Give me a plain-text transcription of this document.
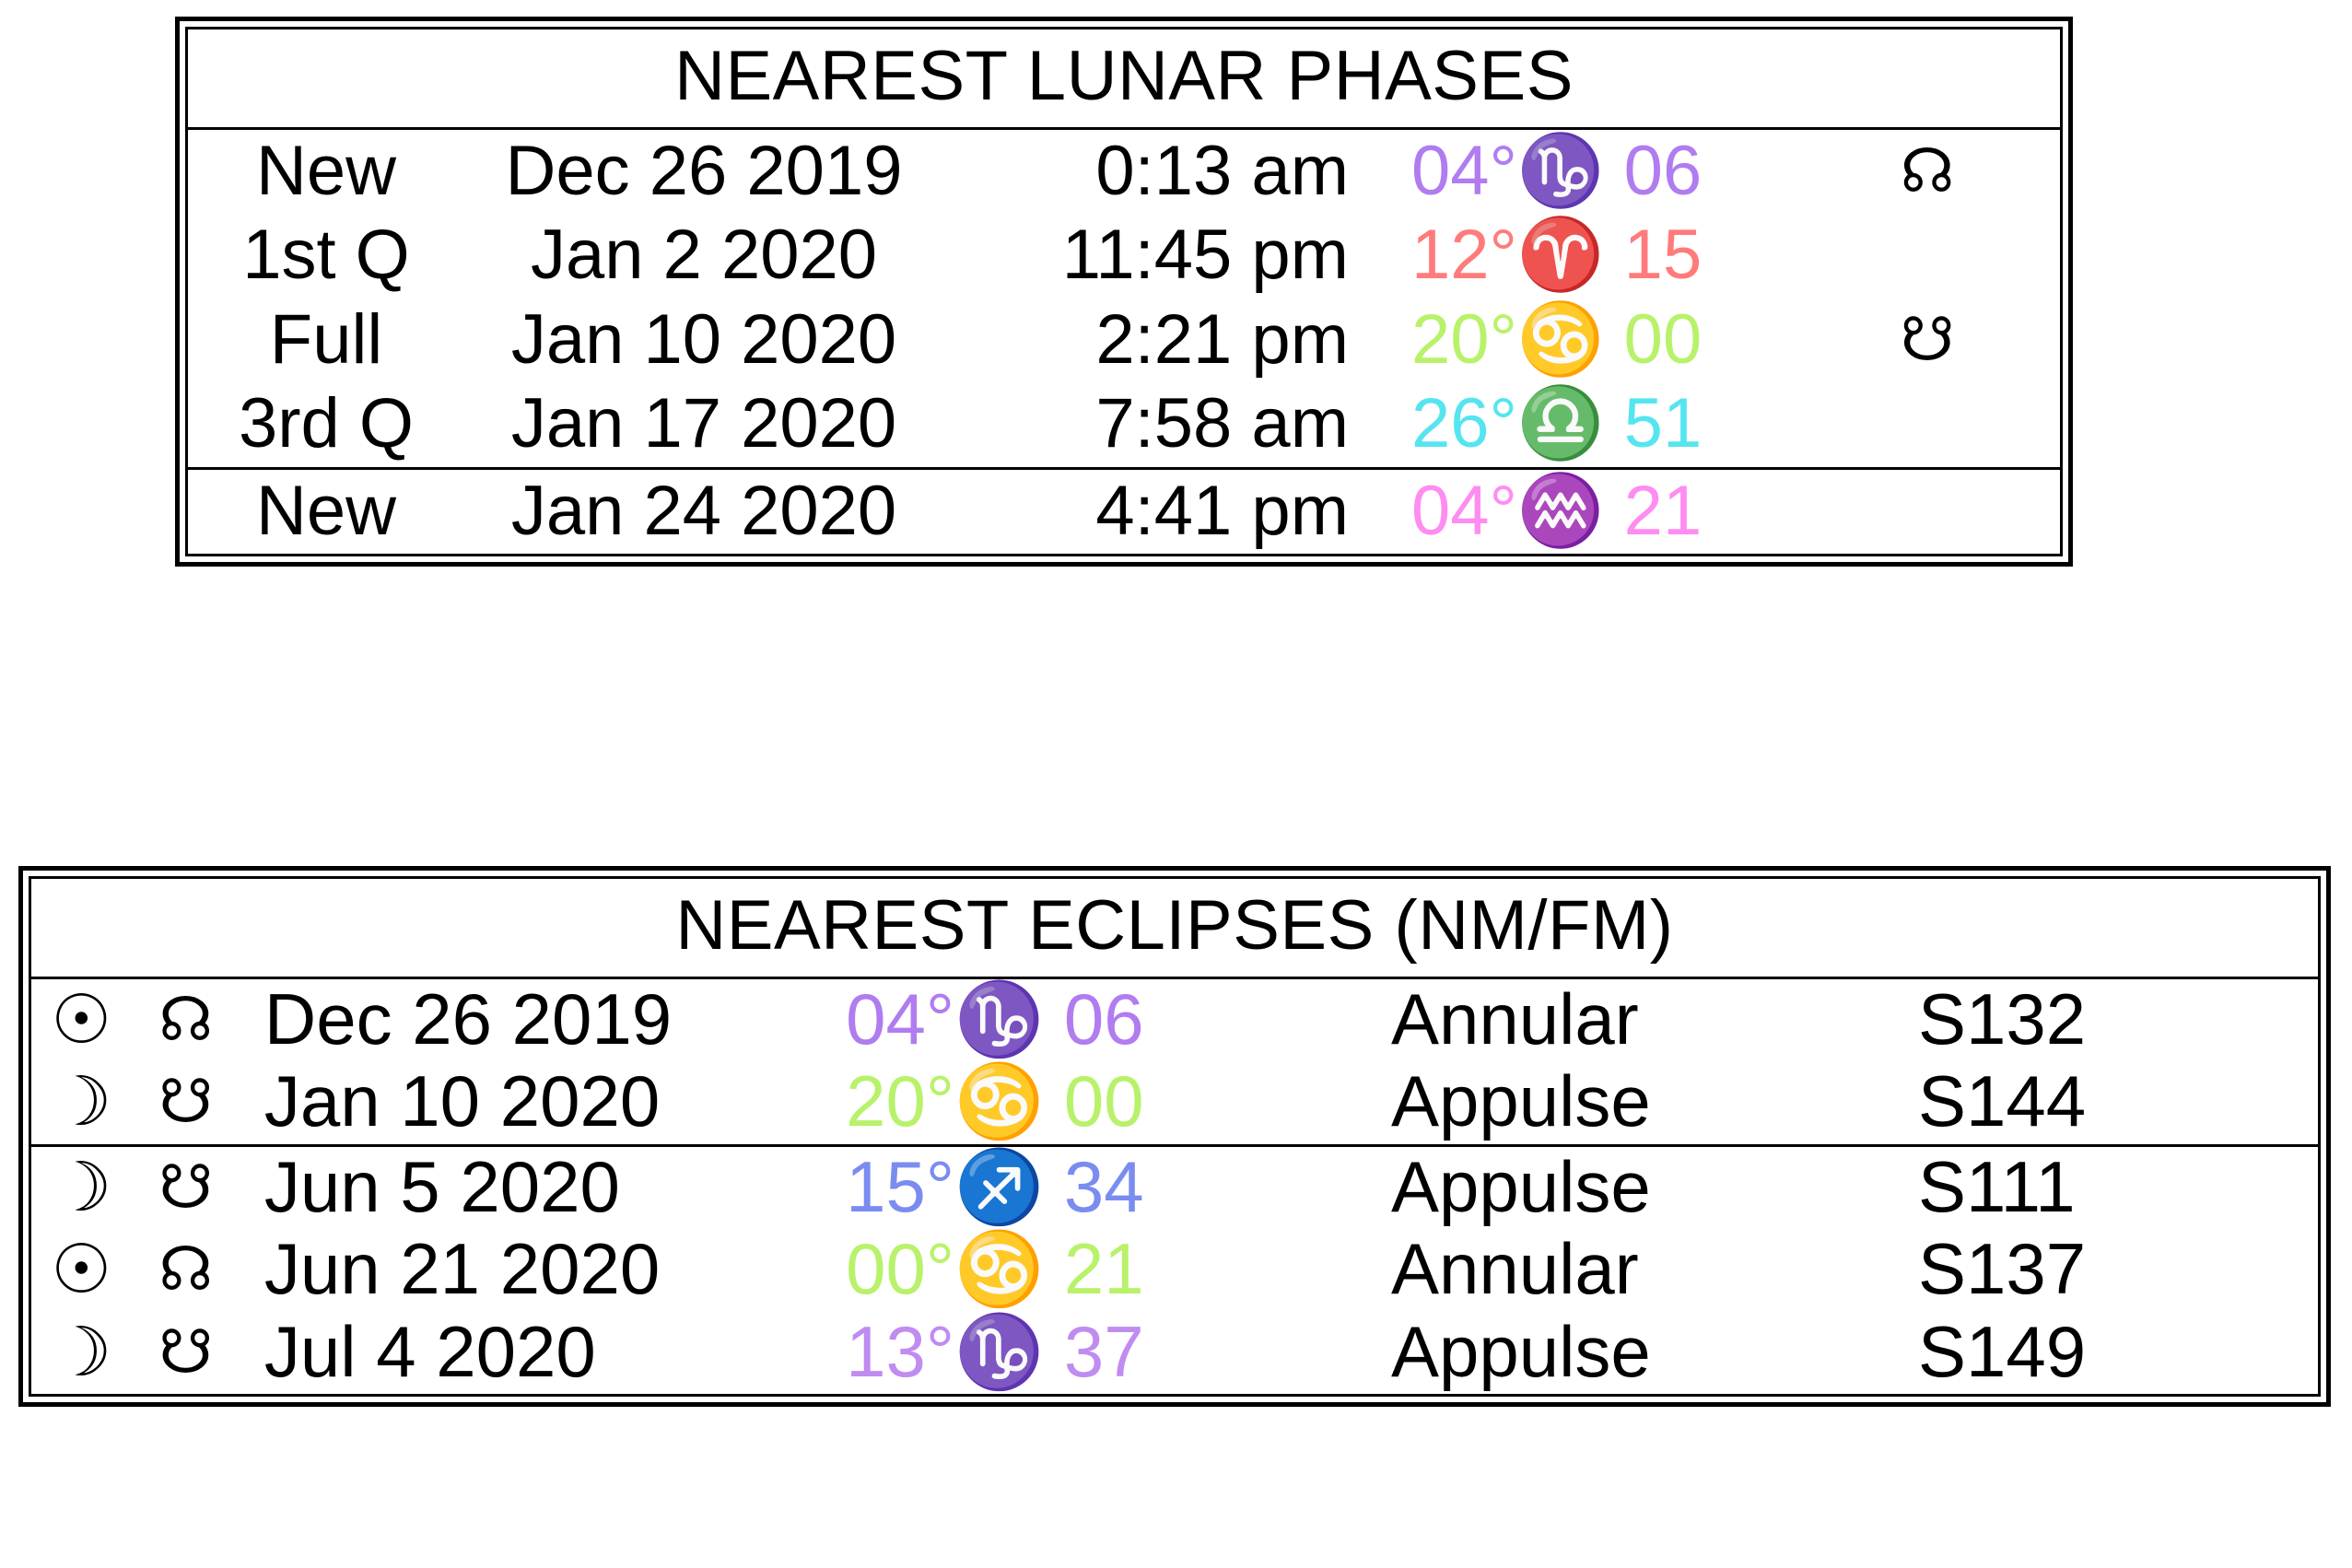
NEAREST LUNAR PHASES
New	Dec 26 2019	0:13 am 04°♑ 06	☊
1st Q	Jan 2 2020	11:45 pm 12°♈ 15
Full	Jan 10 2020	2:21 pm 20°♋ 00	☋
3rd Q	Jan 17 2020	7:58 am 26°♎ 51
New	Jan 24 2020	4:41 pm 04°♒ 21
NEAREST ECLIPSES (NM/FM)
☉ ☊ Dec 26 2019	04°♑ 06	Annular	S132
☽ ☋ Jan 10 2020	20°♋ 00	Appulse	S144
☽ ☋ Jun 5 2020	15°♐ 34	Appulse	S111
☉ ☊ Jun 21 2020	00°♋ 21	Annular	S137
☽ ☋ Jul 4 2020	13°♑ 37	Appulse	S149
